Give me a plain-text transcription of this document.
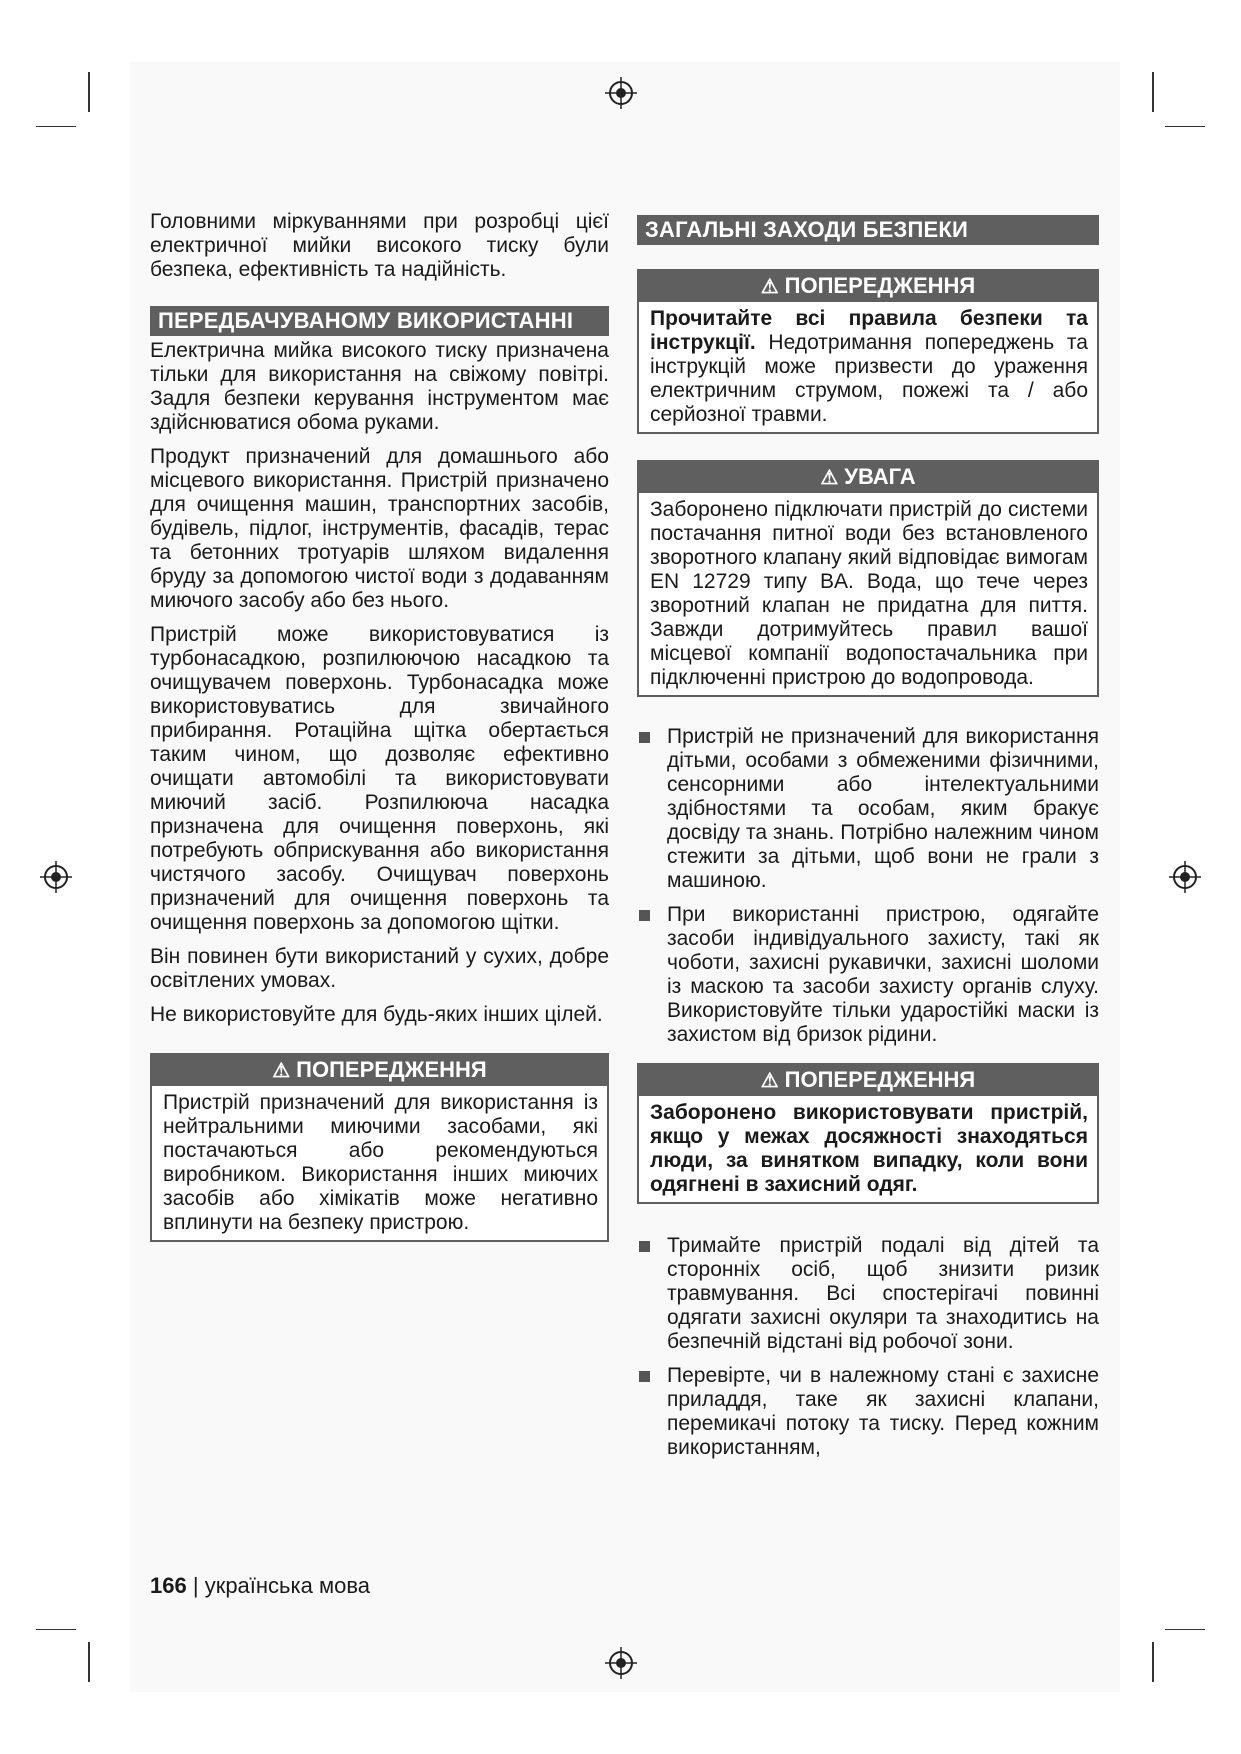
Головними міркуваннями при розробці цієї електричної мийки високого тиску були безпека, ефективність та надійність.

ПЕРЕДБАЧУВАНОМУ ВИКОРИСТАННІ

Електрична мийка високого тиску призначена тільки для використання на свіжому повітрі. Задля безпеки керування інструментом має здійснюватися обома руками.

Продукт призначений для домашнього або місцевого використання. Пристрій призначено для очищення машин, транспортних засобів, будівель, підлог, інструментів, фасадів, терас та бетонних тротуарів шляхом видалення бруду за допомогою чистої води з додаванням миючого засобу або без нього.

Пристрій може використовуватися із турбонасадкою, розпилюючою насадкою та очищувачем поверхонь. Турбонасадка може використовуватись для звичайного прибирання. Ротаційна щітка обертається таким чином, що дозволяє ефективно очищати автомобілі та використовувати миючий засіб. Розпилююча насадка призначена для очищення поверхонь, які потребують обприскування або використання чистячого засобу. Очищувач поверхонь призначений для очищення поверхонь та очищення поверхонь за допомогою щітки.

Він повинен бути використаний у сухих, добре освітлених умовах.

Не використовуйте для будь-яких інших цілей.

⚠ ПОПЕРЕДЖЕННЯ
Пристрій призначений для використання із нейтральними миючими засобами, які постачаються або рекомендуються виробником. Використання інших миючих засобів або хімікатів може негативно вплинути на безпеку пристрою.
ЗАГАЛЬНІ ЗАХОДИ БЕЗПЕКИ
⚠ ПОПЕРЕДЖЕННЯ
Прочитайте всі правила безпеки та інструкції. Недотримання попереджень та інструкцій може призвести до ураження електричним струмом, пожежі та / або серйозної травми.
⚠ УВАГА
Заборонено підключати пристрій до системи постачання питної води без встановленого зворотного клапану який відповідає вимогам EN 12729 типу BA. Вода, що тече через зворотний клапан не придатна для пиття. Завжди дотримуйтесь правил вашої місцевої компанії водопостачальника при підключенні пристрою до водопровода.
Пристрій не призначений для використання дітьми, особами з обмеженими фізичними, сенсорними або інтелектуальними здібностями та особам, яким бракує досвіду та знань. Потрібно належним чином стежити за дітьми, щоб вони не грали з машиною.
При використанні пристрою, одягайте засоби індивідуального захисту, такі як чоботи, захисні рукавички, захисні шоломи із маскою та засоби захисту органів слуху. Використовуйте тільки ударостійкі маски із захистом від бризок рідини.
⚠ ПОПЕРЕДЖЕННЯ
Заборонено використовувати пристрій, якщо у межах досяжності знаходяться люди, за винятком випадку, коли вони одягнені в захисний одяг.
Тримайте пристрій подалі від дітей та сторонніх осіб, щоб знизити ризик травмування. Всі спостерігачі повинні одягати захисні окуляри та знаходитись на безпечній відстані від робочої зони.
Перевірте, чи в належному стані є захисне приладдя, таке як захисні клапани, перемикачі потоку та тиску. Перед кожним використанням,
166 | українська мова
